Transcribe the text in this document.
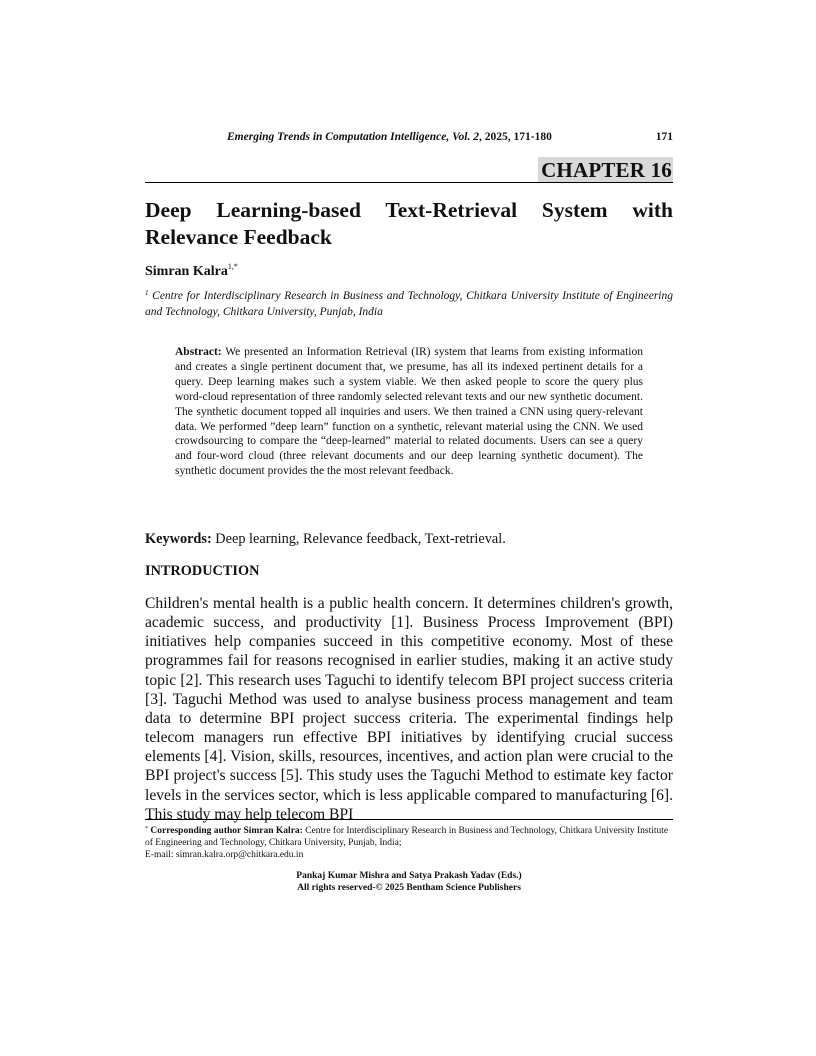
Emerging Trends in Computation Intelligence, Vol. 2, 2025, 171-180	171
CHAPTER 16
Deep Learning-based Text-Retrieval System with Relevance Feedback
Simran Kalra$^{1,*}$
$^1$ Centre for Interdisciplinary Research in Business and Technology, Chitkara University Institute of Engineering and Technology, Chitkara University, Punjab, India
Abstract: We presented an Information Retrieval (IR) system that learns from existing information and creates a single pertinent document that, we presume, has all its indexed pertinent details for a query. Deep learning makes such a system viable. We then asked people to score the query plus word-cloud representation of three randomly selected relevant texts and our new synthetic document. The synthetic document topped all inquiries and users. We then trained a CNN using query-relevant data. We performed ”deep learn” function on a synthetic, relevant material using the CNN. We used crowdsourcing to compare the “deep-learned” material to related documents. Users can see a query and four-word cloud (three relevant documents and our deep learning synthetic document). The synthetic document provides the the most relevant feedback.
Keywords: Deep learning, Relevance feedback, Text-retrieval.
INTRODUCTION

Children's mental health is a public health concern. It determines children's growth, academic success, and productivity [1]. Business Process Improvement (BPI) initiatives help companies succeed in this competitive economy. Most of these programmes fail for reasons recognised in earlier studies, making it an active study topic [2]. This research uses Taguchi to identify telecom BPI project success criteria [3]. Taguchi Method was used to analyse business process management and team data to determine BPI project success criteria. The experimental findings help telecom managers run effective BPI initiatives by identifying crucial success elements [4]. Vision, skills, resources, incentives, and action plan were crucial to the BPI project's success [5]. This study uses the Taguchi Method to estimate key factor levels in the services sector, which is less applicable compared to manufacturing [6]. This study may help telecom BPI

* Corresponding author Simran Kalra: Centre for Interdisciplinary Research in Business and Technology, Chitkara University Institute of Engineering and Technology, Chitkara University, Punjab, India;
E-mail: simran.kalra.orp@chitkara.edu.in
Pankaj Kumar Mishra and Satya Prakash Yadav (Eds.)
All rights reserved-© 2025 Bentham Science Publishers
